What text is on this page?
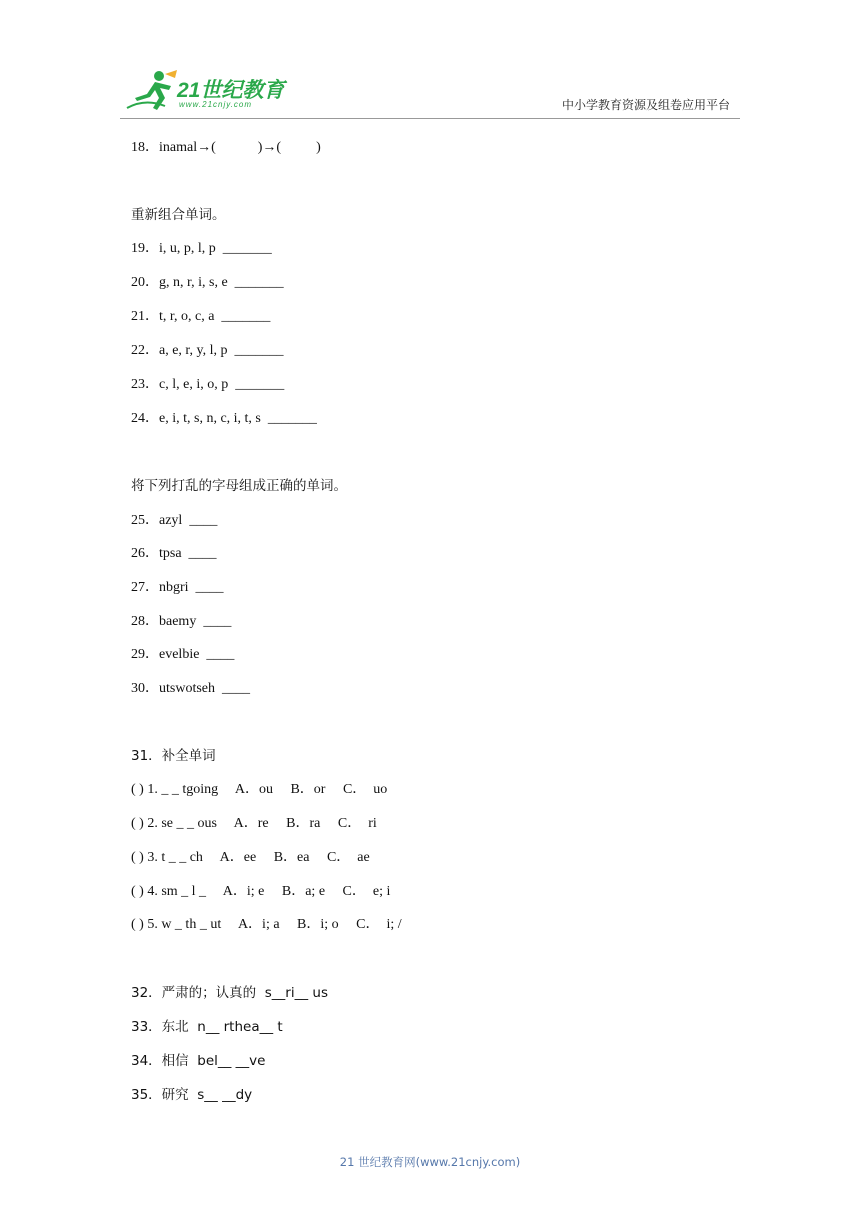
21世纪教育
www.21cnjy.com	中小学教育资源及组卷应用平台
18．inamal→(            )→(          )
重新组合单词。
19．i, u, p, l, p  _______
20．g, n, r, i, s, e  _______
21．t, r, o, c, a  _______
22．a, e, r, y, l, p  _______
23．c, l, e, i, o, p  _______
24．e, i, t, s, n, c, i, t, s  _______
将下列打乱的字母组成正确的单词。
25．azyl  ____
26．tpsa  ____
27．nbgri  ____
28．baemy  ____
29．evelbie  ____
30．utswotseh  ____
31．补全单词
( ) 1. _ _ tgoing     A．ou     B．or     C．  uo
( ) 2. se _ _ ous     A．re     B．ra     C．  ri
( ) 3. t _ _ ch     A．ee     B．ea     C．  ae
( ) 4. sm _ l _     A．i; e     B．a; e     C．  e; i
( ) 5. w _ th _ ut     A．i; a     B．i; o     C．  i; /
32．严肃的；认真的  s__ri__ us
33．东北  n__ rthea__ t
34．相信  bel__ __ve
35．研究  s__ __dy
21 世纪教育网(www.21cnjy.com)
